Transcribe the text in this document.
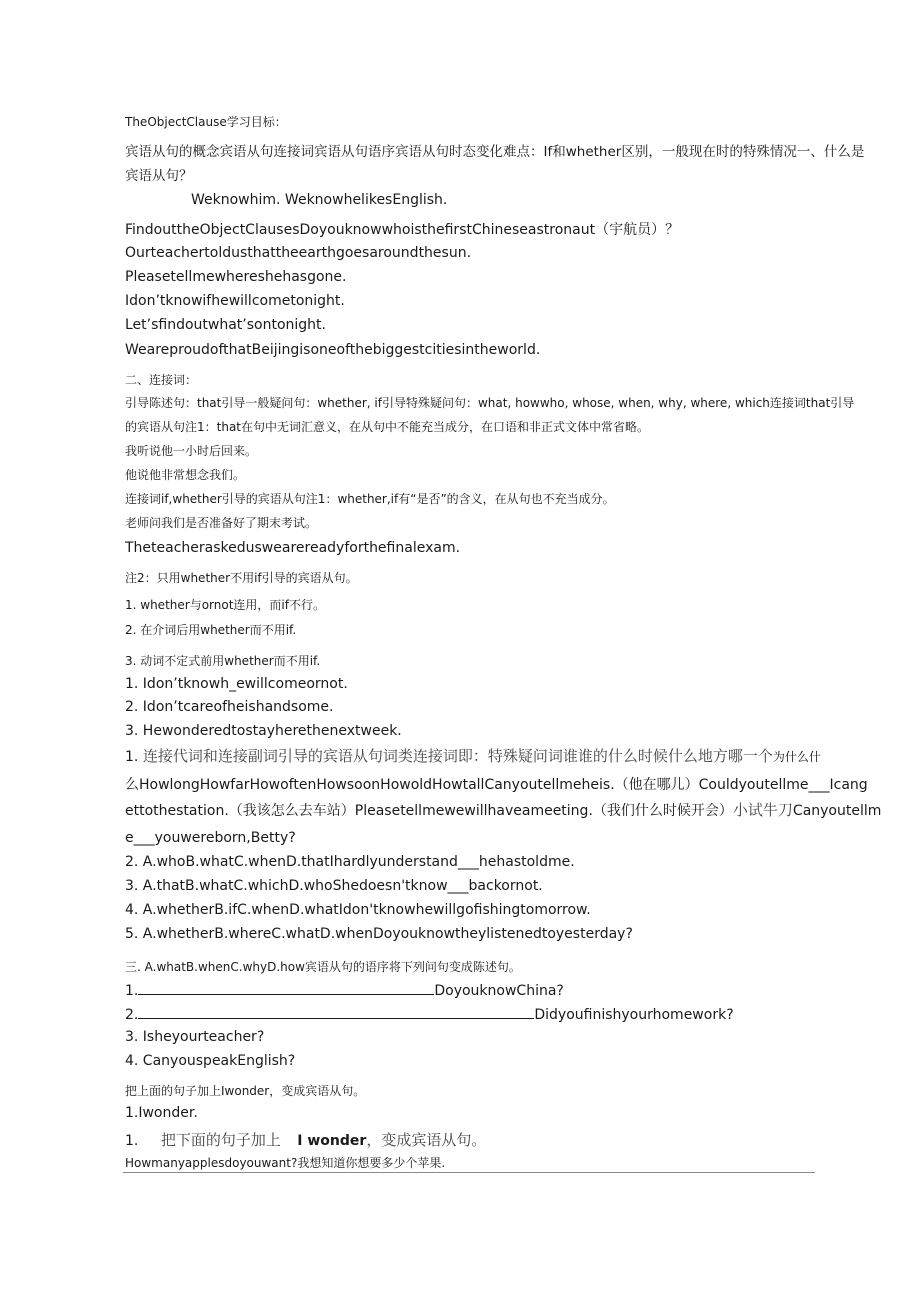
TheObjectClause学习目标：
宾语从句的概念宾语从句连接词宾语从句语序宾语从句时态变化难点：If和whether区别，一般现在时的特殊情况一、什么是
宾语从句？
Weknowhim. WeknowhelikesEnglish.
FindouttheObjectClausesDoyouknowwhoisthefirstChineseastronaut（宇航员）？
Ourteachertoldusthattheearthgoesaroundthesun.
Pleasetellmewhereshehasgone.
Idon’tknowifhewillcometonight.
Let’sfindoutwhat’sontonight.
WeareproudofthatBeijingisoneofthebiggestcitiesintheworld.
二、连接词：
引导陈述句：that引导一般疑问句：whether, if引导特殊疑问句：what, howwho, whose, when, why, where, which连接词that引导
的宾语从句注1：that在句中无词汇意义，在从句中不能充当成分，在口语和非正式文体中常省略。
我听说他一小时后回来。
他说他非常想念我们。
连接词if,whether引导的宾语从句注1：whether,if有“是否”的含义，在从句也不充当成分。
老师问我们是否准备好了期末考试。
Theteacheraskeduswearereadyforthefinalexam.
注2：只用whether不用if引导的宾语从句。
1. whether与ornot连用，而if不行。
2. 在介词后用whether而不用if.
3. 动词不定式前用whether而不用if.
1. Idon’tknowh_ewillcomeornot.
2. Idon’tcareofheishandsome.
3. Hewonderedtostayherethenextweek.
1. 连接代词和连接副词引导的宾语从句词类连接词即：特殊疑问词谁谁的什么时候什么地方哪一个为什么什
么HowlongHowfarHowoftenHowsoonHowoldHowtallCanyoutellmeheis.（他在哪儿）Couldyoutellme___Icang
ettothestation.（我该怎么去车站）Pleasetellmewewillhaveameeting.（我们什么时候开会）小试牛刀Canyoutellm
e___youwereborn,Betty?
2. A.whoB.whatC.whenD.thatIhardlyunderstand___hehastoldme.
3. A.thatB.whatC.whichD.whoShedoesn'tknow___backornot.
4. A.whetherB.ifC.whenD.whatIdon'tknowhewillgofishingtomorrow.
5. A.whetherB.whereC.whatD.whenDoyouknowtheylistenedtoyesterday?
三. A.whatB.whenC.whyD.how宾语从句的语序将下列问句变成陈述句。
1.	DoyouknowChina?
2.	Didyoufinishyourhomework?
3. Isheyourteacher?
4. CanyouspeakEnglish?
把上面的句子加上Iwonder，变成宾语从句。
1.Iwonder.
1. 把下面的句子加上 I wonder，变成宾语从句。
Howmanyapplesdoyouwant?我想知道你想要多少个苹果.
